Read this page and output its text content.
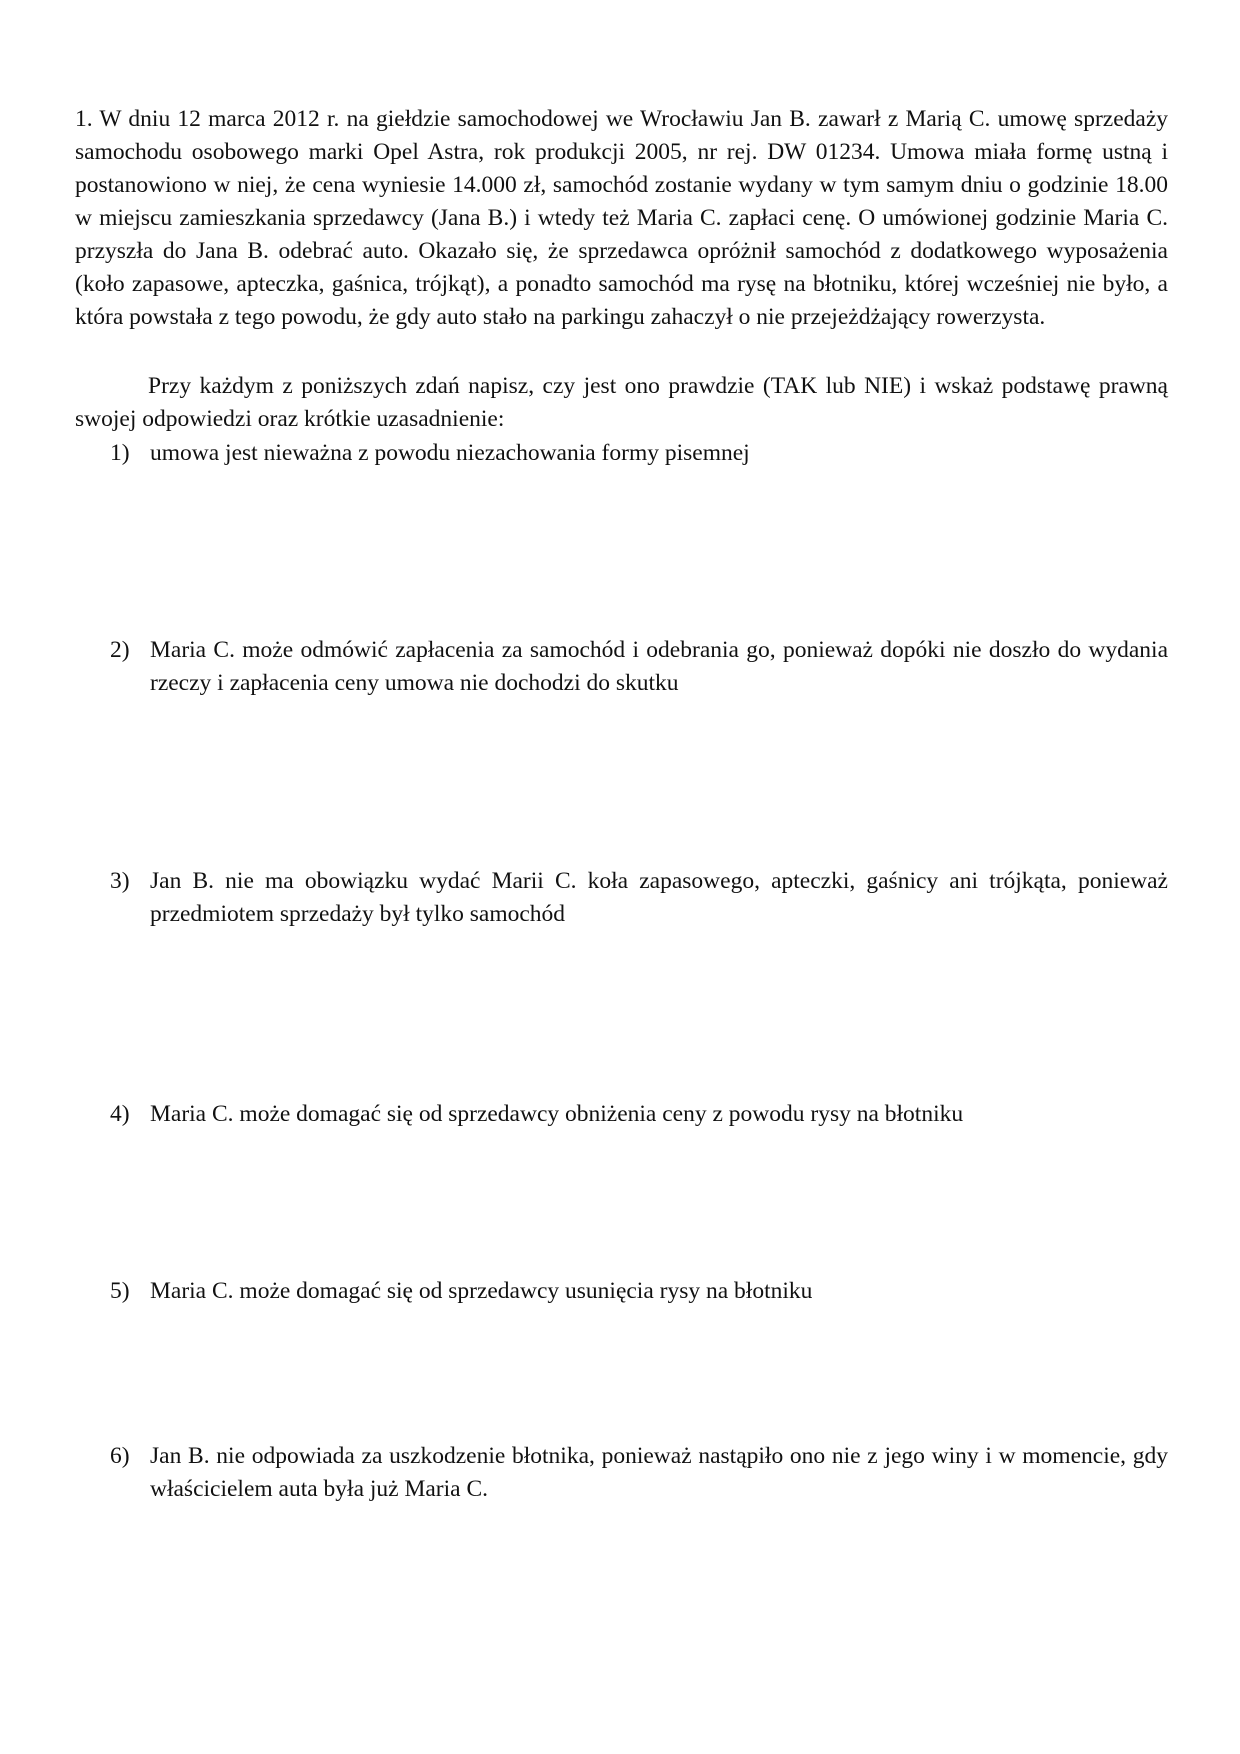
1. W dniu 12 marca 2012 r. na giełdzie samochodowej we Wrocławiu Jan B. zawarł z Marią C. umowę sprzedaży samochodu osobowego marki Opel Astra, rok produkcji 2005, nr rej. DW 01234. Umowa miała formę ustną i postanowiono w niej, że cena wyniesie 14.000 zł, samochód zostanie wydany w tym samym dniu o godzinie 18.00 w miejscu zamieszkania sprzedawcy (Jana B.) i wtedy też Maria C. zapłaci cenę. O umówionej godzinie Maria C. przyszła do Jana B. odebrać auto. Okazało się, że sprzedawca opróżnił samochód z dodatkowego wyposażenia (koło zapasowe, apteczka, gaśnica, trójkąt), a ponadto samochód ma rysę na błotniku, której wcześniej nie było, a która powstała z tego powodu, że gdy auto stało na parkingu zahaczył o nie przejeżdżający rowerzysta.

Przy każdym z poniższych zdań napisz, czy jest ono prawdzie (TAK lub NIE) i wskaż podstawę prawną swojej odpowiedzi oraz krótkie uzasadnienie:

1) umowa jest nieważna z powodu niezachowania formy pisemnej
2) Maria C. może odmówić zapłacenia za samochód i odebrania go, ponieważ dopóki nie doszło do wydania rzeczy i zapłacenia ceny umowa nie dochodzi do skutku
3) Jan B. nie ma obowiązku wydać Marii C. koła zapasowego, apteczki, gaśnicy ani trójkąta, ponieważ przedmiotem sprzedaży był tylko samochód
4) Maria C. może domagać się od sprzedawcy obniżenia ceny z powodu rysy na błotniku
5) Maria C. może domagać się od sprzedawcy usunięcia rysy na błotniku
6) Jan B. nie odpowiada za uszkodzenie błotnika, ponieważ nastąpiło ono nie z jego winy i w momencie, gdy właścicielem auta była już Maria C.
